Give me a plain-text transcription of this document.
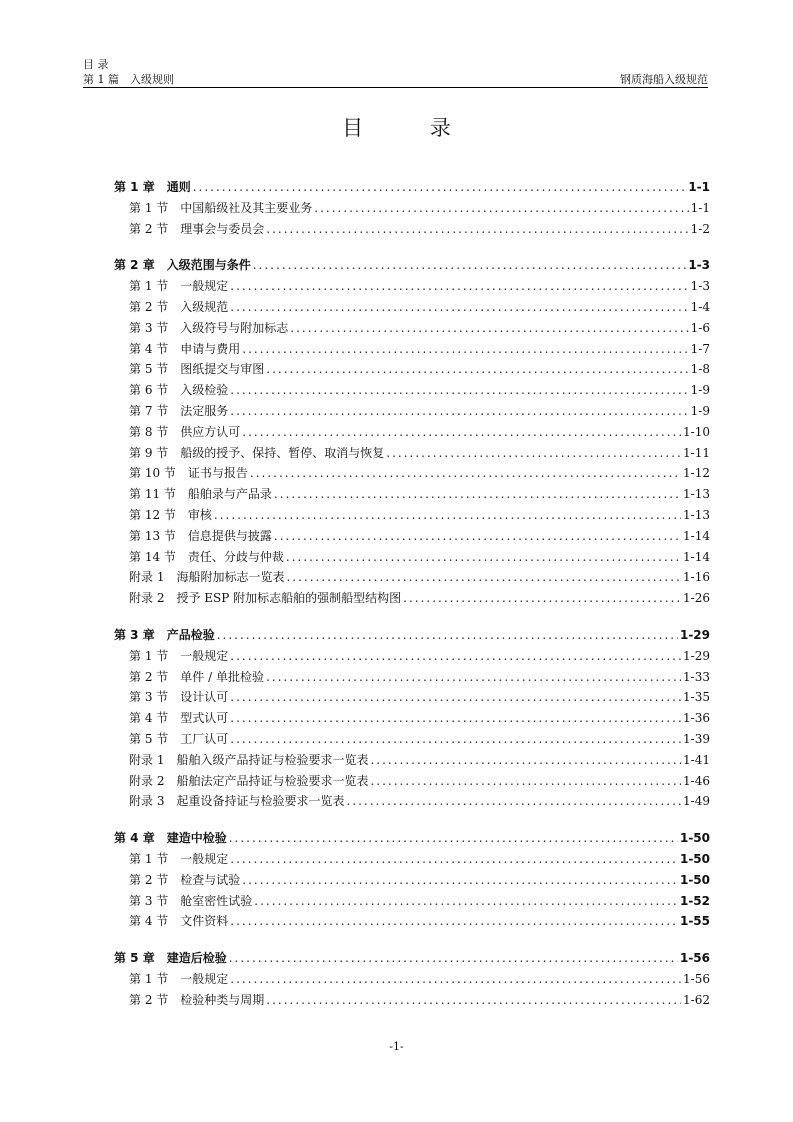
目 录
第 1 篇　入级规则	钢质海船入级规范
目 录
第 1 章 通则 .....	1-1
第 1 节 中国船级社及其主要业务 .....	1-1
第 2 节 理事会与委员会 .....	1-2
第 2 章 入级范围与条件 .....	1-3
第 1 节 一般规定 .....	1-3
第 2 节 入级规范 .....	1-4
第 3 节 入级符号与附加标志 .....	1-6
第 4 节 申请与费用 .....	1-7
第 5 节 图纸提交与审图 .....	1-8
第 6 节 入级检验 .....	1-9
第 7 节 法定服务 .....	1-9
第 8 节 供应方认可 .....	1-10
第 9 节 船级的授予、保持、暂停、取消与恢复 .....	1-11
第 10 节 证书与报告 .....	1-12
第 11 节 船舶录与产品录 .....	1-13
第 12 节 审核 .....	1-13
第 13 节 信息提供与披露 .....	1-14
第 14 节 责任、分歧与仲裁 .....	1-14
附录 1 海船附加标志一览表 .....	1-16
附录 2 授予 ESP 附加标志船舶的强制船型结构图 .....	1-26
第 3 章 产品检验 .....	1-29
第 1 节 一般规定 .....	1-29
第 2 节 单件 / 单批检验 .....	1-33
第 3 节 设计认可 .....	1-35
第 4 节 型式认可 .....	1-36
第 5 节 工厂认可 .....	1-39
附录 1 船舶入级产品持证与检验要求一览表 .....	1-41
附录 2 船舶法定产品持证与检验要求一览表 .....	1-46
附录 3 起重设备持证与检验要求一览表 .....	1-49
第 4 章 建造中检验 .....	1-50
第 1 节 一般规定 .....	1-50
第 2 节 检查与试验 .....	1-50
第 3 节 舱室密性试验 .....	1-52
第 4 节 文件资料 .....	1-55
第 5 章 建造后检验 .....	1-56
第 1 节 一般规定 .....	1-56
第 2 节 检验种类与周期 .....	1-62
-1-
